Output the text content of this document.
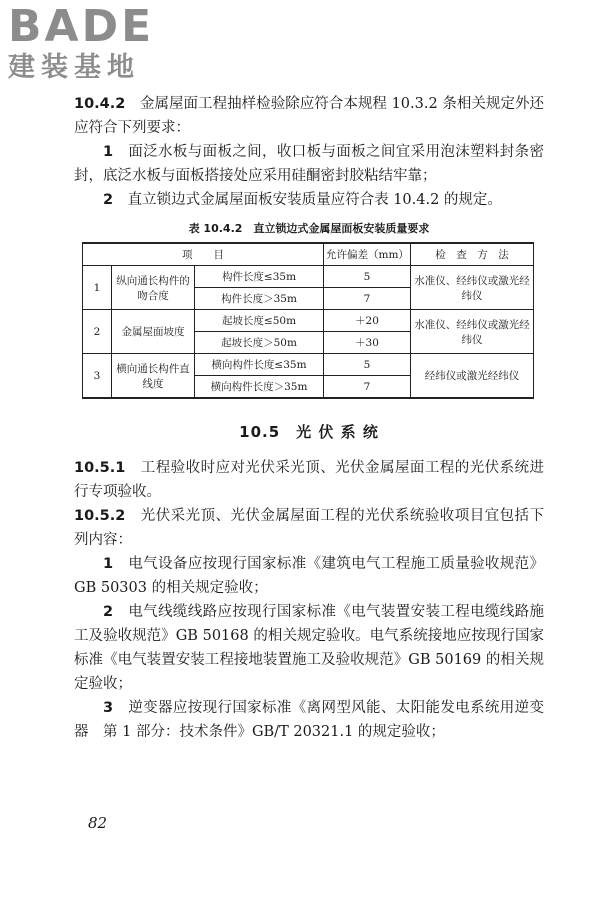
BADE
建装基地

10.4.2　 金属屋面工程抽样检验除应符合本规程 10.3.2 条相关规定外还应符合下列要求：

1　 面泛水板与面板之间，收口板与面板之间宜采用泡沫塑料封条密封，底泛水板与面板搭接处应采用硅酮密封胶粘结牢靠；

2　 直立锁边式金属屋面板安装质量应符合表 10.4.2 的规定。

表 10.4.2　直立锁边式金属屋面板安装质量要求
项　　目			允许偏差（mm）	检　查　方　法
1	纵向通长构件的吻合度	构件长度≤35m	5	水准仪、经纬仪或激光经纬仪
		构件长度＞35m	7	
2	金属屋面坡度	起坡长度≤50m	＋20	水准仪、经纬仪或激光经纬仪
		起坡长度＞50m	＋30	
3	横向通长构件直线度	横向构件长度≤35m	5	经纬仪或激光经纬仪
		横向构件长度＞35m	7	
10.5　光 伏 系 统

10.5.1　 工程验收时应对光伏采光顶、光伏金属屋面工程的光伏系统进行专项验收。

10.5.2　 光伏采光顶、光伏金属屋面工程的光伏系统验收项目宜包括下列内容：

1　 电气设备应按现行国家标准《建筑电气工程施工质量验收规范》GB 50303 的相关规定验收；

2　 电气线缆线路应按现行国家标准《电气装置安装工程电缆线路施工及验收规范》GB 50168 的相关规定验收。电气系统接地应按现行国家标准《电气装置安装工程接地装置施工及验收规范》GB 50169 的相关规定验收；

3　 逆变器应按现行国家标准《离网型风能、太阳能发电系统用逆变器　第 1 部分：技术条件》GB/T 20321.1 的规定验收；

82
